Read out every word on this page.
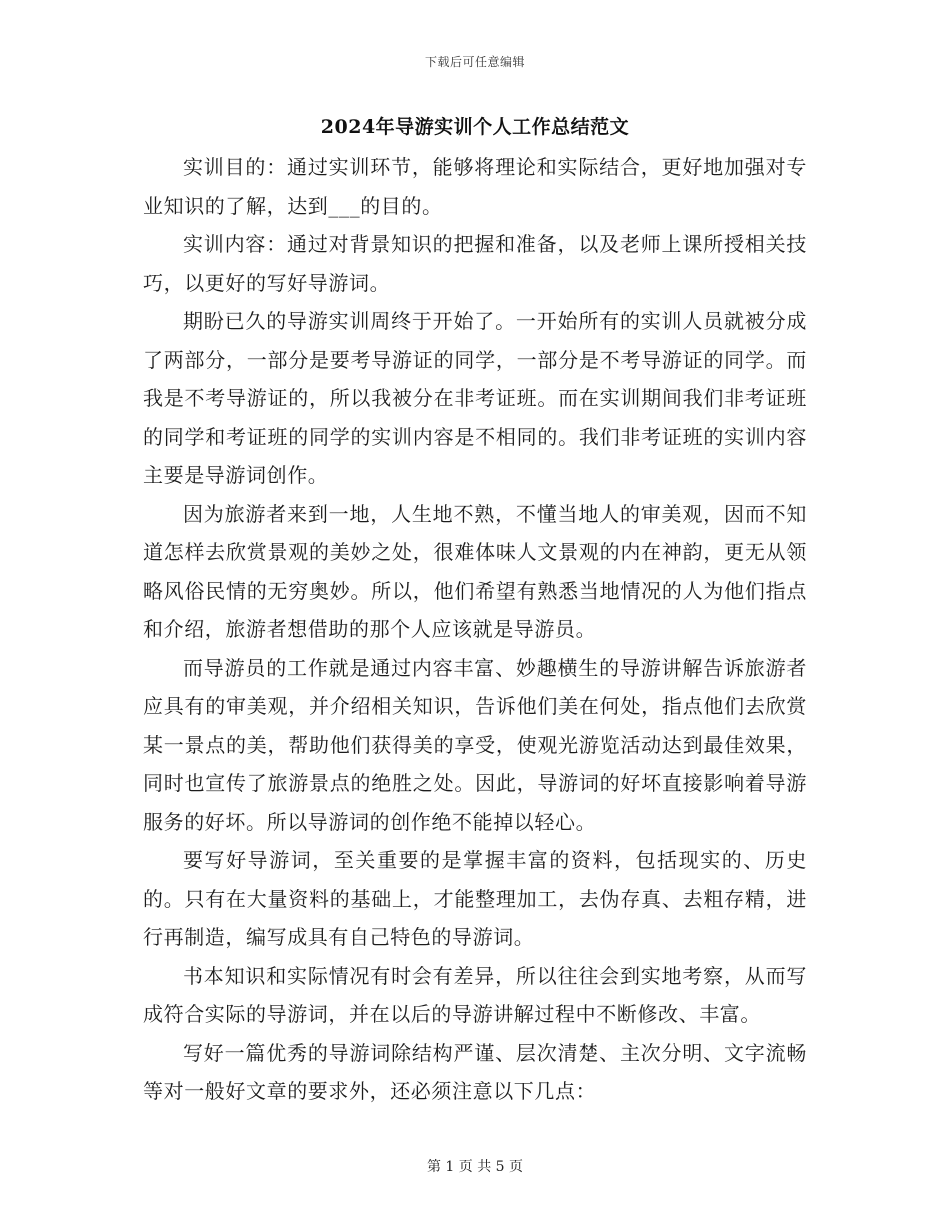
下载后可任意编辑
2024年导游实训个人工作总结范文

实训目的：通过实训环节，能够将理论和实际结合，更好地加强对专业知识的了解，达到___的目的。

实训内容：通过对背景知识的把握和准备，以及老师上课所授相关技巧，以更好的写好导游词。

期盼已久的导游实训周终于开始了。一开始所有的实训人员就被分成了两部分，一部分是要考导游证的同学，一部分是不考导游证的同学。而我是不考导游证的，所以我被分在非考证班。而在实训期间我们非考证班的同学和考证班的同学的实训内容是不相同的。我们非考证班的实训内容主要是导游词创作。

因为旅游者来到一地，人生地不熟，不懂当地人的审美观，因而不知道怎样去欣赏景观的美妙之处，很难体味人文景观的内在神韵，更无从领略风俗民情的无穷奥妙。所以，他们希望有熟悉当地情况的人为他们指点和介绍，旅游者想借助的那个人应该就是导游员。

而导游员的工作就是通过内容丰富、妙趣横生的导游讲解告诉旅游者应具有的审美观，并介绍相关知识，告诉他们美在何处，指点他们去欣赏某一景点的美，帮助他们获得美的享受，使观光游览活动达到最佳效果，同时也宣传了旅游景点的绝胜之处。因此，导游词的好坏直接影响着导游服务的好坏。所以导游词的创作绝不能掉以轻心。

要写好导游词，至关重要的是掌握丰富的资料，包括现实的、历史的。只有在大量资料的基础上，才能整理加工，去伪存真、去粗存精，进行再制造，编写成具有自己特色的导游词。

书本知识和实际情况有时会有差异，所以往往会到实地考察，从而写成符合实际的导游词，并在以后的导游讲解过程中不断修改、丰富。

写好一篇优秀的导游词除结构严谨、层次清楚、主次分明、文字流畅等对一般好文章的要求外，还必须注意以下几点：

第 1 页 共 5 页
